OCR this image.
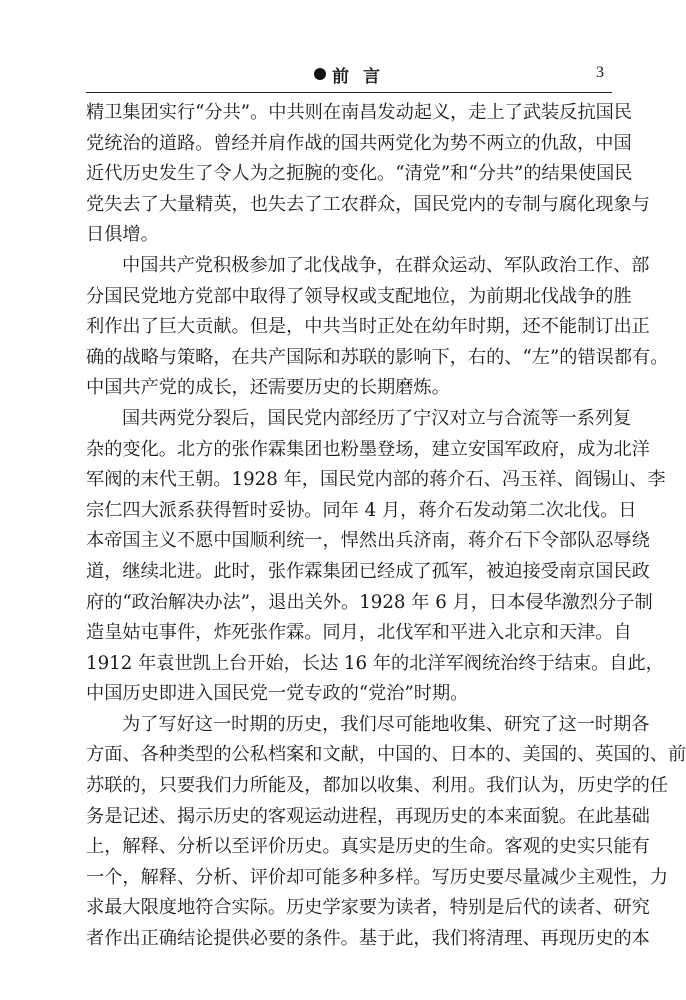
前言	3
精卫集团实行“分共”。中共则在南昌发动起义，走上了武装反抗国民
党统治的道路。曾经并肩作战的国共两党化为势不两立的仇敌，中国
近代历史发生了令人为之扼腕的变化。“清党”和“分共”的结果使国民
党失去了大量精英，也失去了工农群众，国民党内的专制与腐化现象与
日俱增。
中国共产党积极参加了北伐战争，在群众运动、军队政治工作、部
分国民党地方党部中取得了领导权或支配地位，为前期北伐战争的胜
利作出了巨大贡献。但是，中共当时正处在幼年时期，还不能制订出正
确的战略与策略，在共产国际和苏联的影响下，右的、“左”的错误都有。
中国共产党的成长，还需要历史的长期磨炼。
国共两党分裂后，国民党内部经历了宁汉对立与合流等一系列复
杂的变化。北方的张作霖集团也粉墨登场，建立安国军政府，成为北洋
军阀的末代王朝。1928 年，国民党内部的蒋介石、冯玉祥、阎锡山、李
宗仁四大派系获得暂时妥协。同年 4 月，蒋介石发动第二次北伐。日
本帝国主义不愿中国顺利统一，悍然出兵济南，蒋介石下令部队忍辱绕
道，继续北进。此时，张作霖集团已经成了孤军，被迫接受南京国民政
府的“政治解决办法”，退出关外。1928 年 6 月，日本侵华激烈分子制
造皇姑屯事件，炸死张作霖。同月，北伐军和平进入北京和天津。自
1912 年袁世凯上台开始，长达 16 年的北洋军阀统治终于结束。自此，
中国历史即进入国民党一党专政的“党治”时期。
为了写好这一时期的历史，我们尽可能地收集、研究了这一时期各
方面、各种类型的公私档案和文献，中国的、日本的、美国的、英国的、前
苏联的，只要我们力所能及，都加以收集、利用。我们认为，历史学的任
务是记述、揭示历史的客观运动进程，再现历史的本来面貌。在此基础
上，解释、分析以至评价历史。真实是历史的生命。客观的史实只能有
一个，解释、分析、评价却可能多种多样。写历史要尽量减少主观性，力
求最大限度地符合实际。历史学家要为读者，特别是后代的读者、研究
者作出正确结论提供必要的条件。基于此，我们将清理、再现历史的本
